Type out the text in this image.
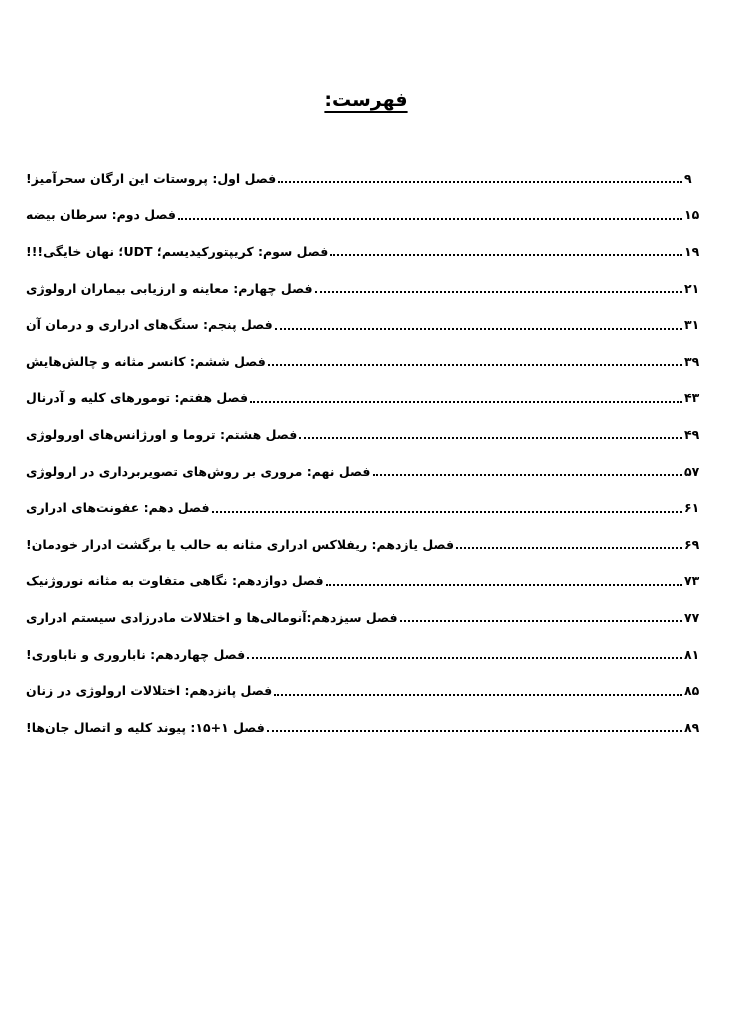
فهرست:
فصل اول: پروستات این ارگان سحرآمیز!	۹
فصل دوم: سرطان بیضه	۱۵
فصل سوم: کریپتورکیدیسم؛ UDT؛ نهان خایگی!!!	۱۹
فصل چهارم: معاینه و ارزیابی بیماران ارولوژی	۲۱
فصل پنجم: سنگ‌های ادراری و درمان آن	۳۱
فصل ششم: کانسر مثانه و چالش‌هایش	۳۹
فصل هفتم: تومورهای کلیه و آدرنال	۴۳
فصل هشتم: تروما و اورژانس‌های اورولوژی	۴۹
فصل نهم: مروری بر روش‌های تصویربرداری در ارولوژی	۵۷
فصل دهم: عفونت‌های ادراری	۶۱
فصل یازدهم: ریفلاکس ادراری مثانه به حالب یا برگشت ادرار خودمان!	۶۹
فصل دوازدهم: نگاهی متفاوت به مثانه نوروژنیک	۷۳
فصل سیزدهم:آنومالی‌ها و اختلالات مادرزادی سیستم ادراری	۷۷
فصل چهاردهم: ناباروری و ناباوری!	۸۱
فصل پانزدهم: اختلالات ارولوژی در زنان	۸۵
فصل ۱+۱۵: پیوند کلیه و اتصال جان‌ها!	۸۹
